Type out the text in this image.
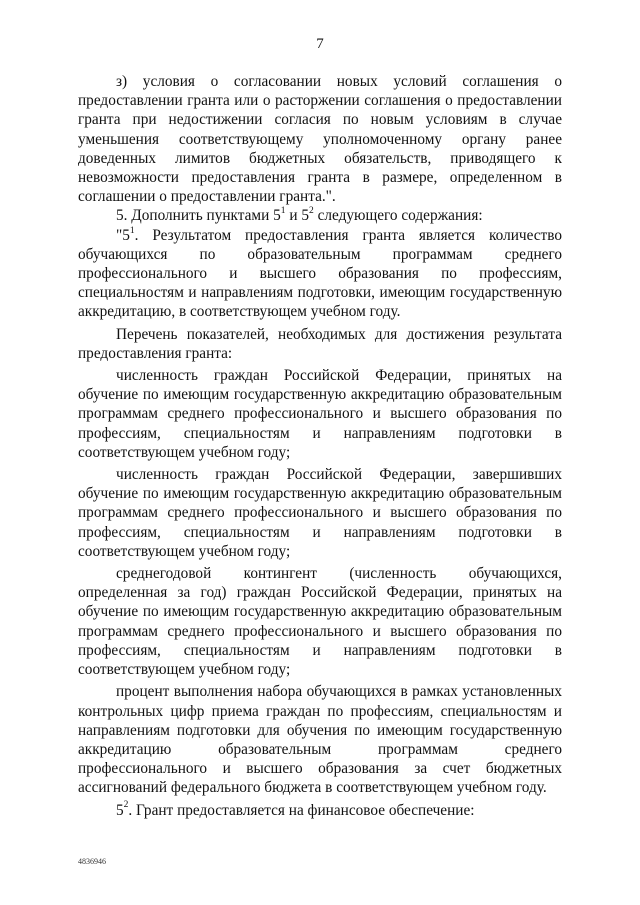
7

з) условия о согласовании новых условий соглашения о предоставлении гранта или о расторжении соглашения о предоставлении гранта при недостижении согласия по новым условиям в случае уменьшения соответствующему уполномоченному органу ранее доведенных лимитов бюджетных обязательств, приводящего к невозможности предоставления гранта в размере, определенном в соглашении о предоставлении гранта.".

5. Дополнить пунктами $5^1$ и $5^2$ следующего содержания:

"$5^1$. Результатом предоставления гранта является количество обучающихся по образовательным программам среднего профессионального и высшего образования по профессиям, специальностям и направлениям подготовки, имеющим государственную аккредитацию, в соответствующем учебном году.

Перечень показателей, необходимых для достижения результата предоставления гранта:

численность граждан Российской Федерации, принятых на обучение по имеющим государственную аккредитацию образовательным программам среднего профессионального и высшего образования по профессиям, специальностям и направлениям подготовки в соответствующем учебном году;

численность граждан Российской Федерации, завершивших обучение по имеющим государственную аккредитацию образовательным программам среднего профессионального и высшего образования по профессиям, специальностям и направлениям подготовки в соответствующем учебном году;

среднегодовой контингент (численность обучающихся, определенная за год) граждан Российской Федерации, принятых на обучение по имеющим государственную аккредитацию образовательным программам среднего профессионального и высшего образования по профессиям, специальностям и направлениям подготовки в соответствующем учебном году;

процент выполнения набора обучающихся в рамках установленных контрольных цифр приема граждан по профессиям, специальностям и направлениям подготовки для обучения по имеющим государственную аккредитацию образовательным программам среднего профессионального и высшего образования за счет бюджетных ассигнований федерального бюджета в соответствующем учебном году.

$5^2$. Грант предоставляется на финансовое обеспечение:

4836946
